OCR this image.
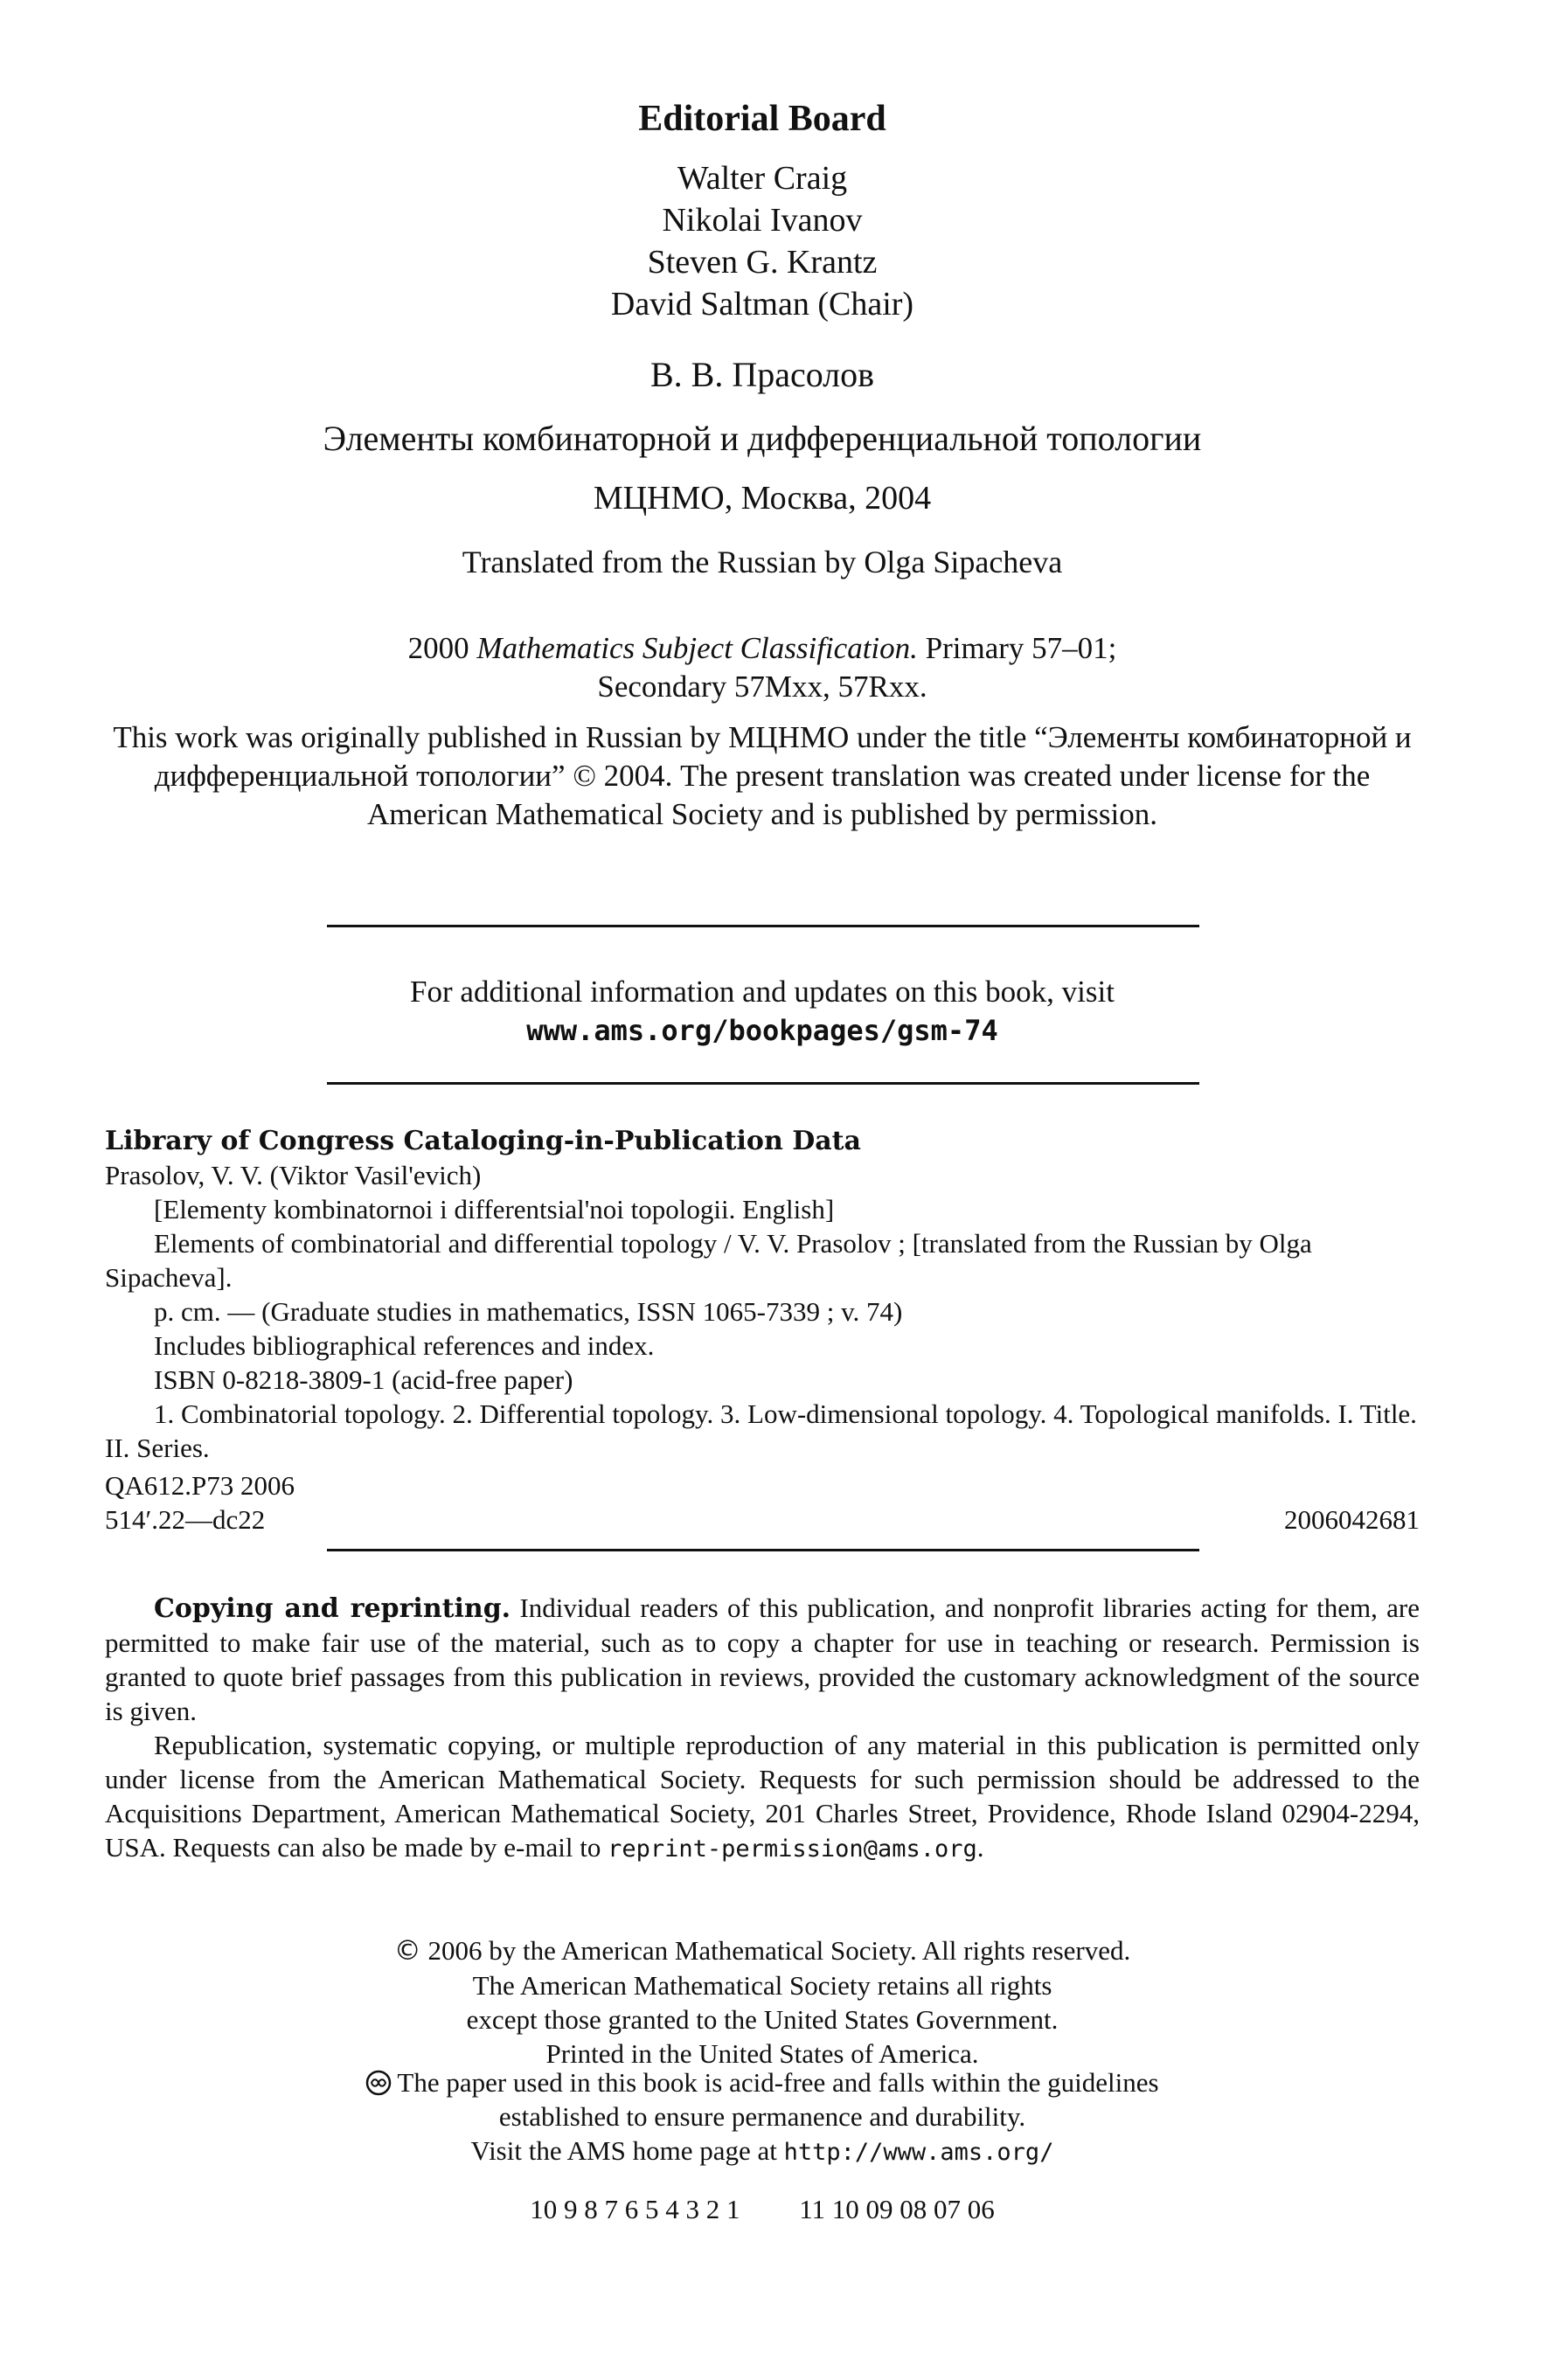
Editorial Board
Walter Craig
Nikolai Ivanov
Steven G. Krantz
David Saltman (Chair)
В. В. Прасолов
Элементы комбинаторной и дифференциальной топологии
МЦНМО, Москва, 2004
Translated from the Russian by Olga Sipacheva
2000 Mathematics Subject Classification. Primary 57–01;
Secondary 57Mxx, 57Rxx.
This work was originally published in Russian by МЦНМО under the title “Элементы комбинаторной и дифференциальной топологии” © 2004. The present translation was created under license for the American Mathematical Society and is published by permission.
For additional information and updates on this book, visit
www.ams.org/bookpages/gsm-74
Library of Congress Cataloging-in-Publication Data
Prasolov, V. V. (Viktor Vasil'evich)
[Elementy kombinatornoi i differentsial'noi topologii. English]
Elements of combinatorial and differential topology / V. V. Prasolov ; [translated from the Russian by Olga Sipacheva].
p. cm. — (Graduate studies in mathematics, ISSN 1065-7339 ; v. 74)
Includes bibliographical references and index.
ISBN 0-8218-3809-1 (acid-free paper)
1. Combinatorial topology. 2. Differential topology. 3. Low-dimensional topology. 4. Topological manifolds. I. Title. II. Series.
QA612.P73 2006
514′.22—dc22	2006042681
Copying and reprinting. Individual readers of this publication, and nonprofit libraries acting for them, are permitted to make fair use of the material, such as to copy a chapter for use in teaching or research. Permission is granted to quote brief passages from this publication in reviews, provided the customary acknowledgment of the source is given.
Republication, systematic copying, or multiple reproduction of any material in this publication is permitted only under license from the American Mathematical Society. Requests for such permission should be addressed to the Acquisitions Department, American Mathematical Society, 201 Charles Street, Providence, Rhode Island 02904-2294, USA. Requests can also be made by e-mail to reprint-permission@ams.org.
© 2006 by the American Mathematical Society. All rights reserved.
The American Mathematical Society retains all rights
except those granted to the United States Government.
Printed in the United States of America.
The paper used in this book is acid-free and falls within the guidelines
established to ensure permanence and durability.
Visit the AMS home page at http://www.ams.org/
10 9 8 7 6 5 4 3 2 1 11 10 09 08 07 06
